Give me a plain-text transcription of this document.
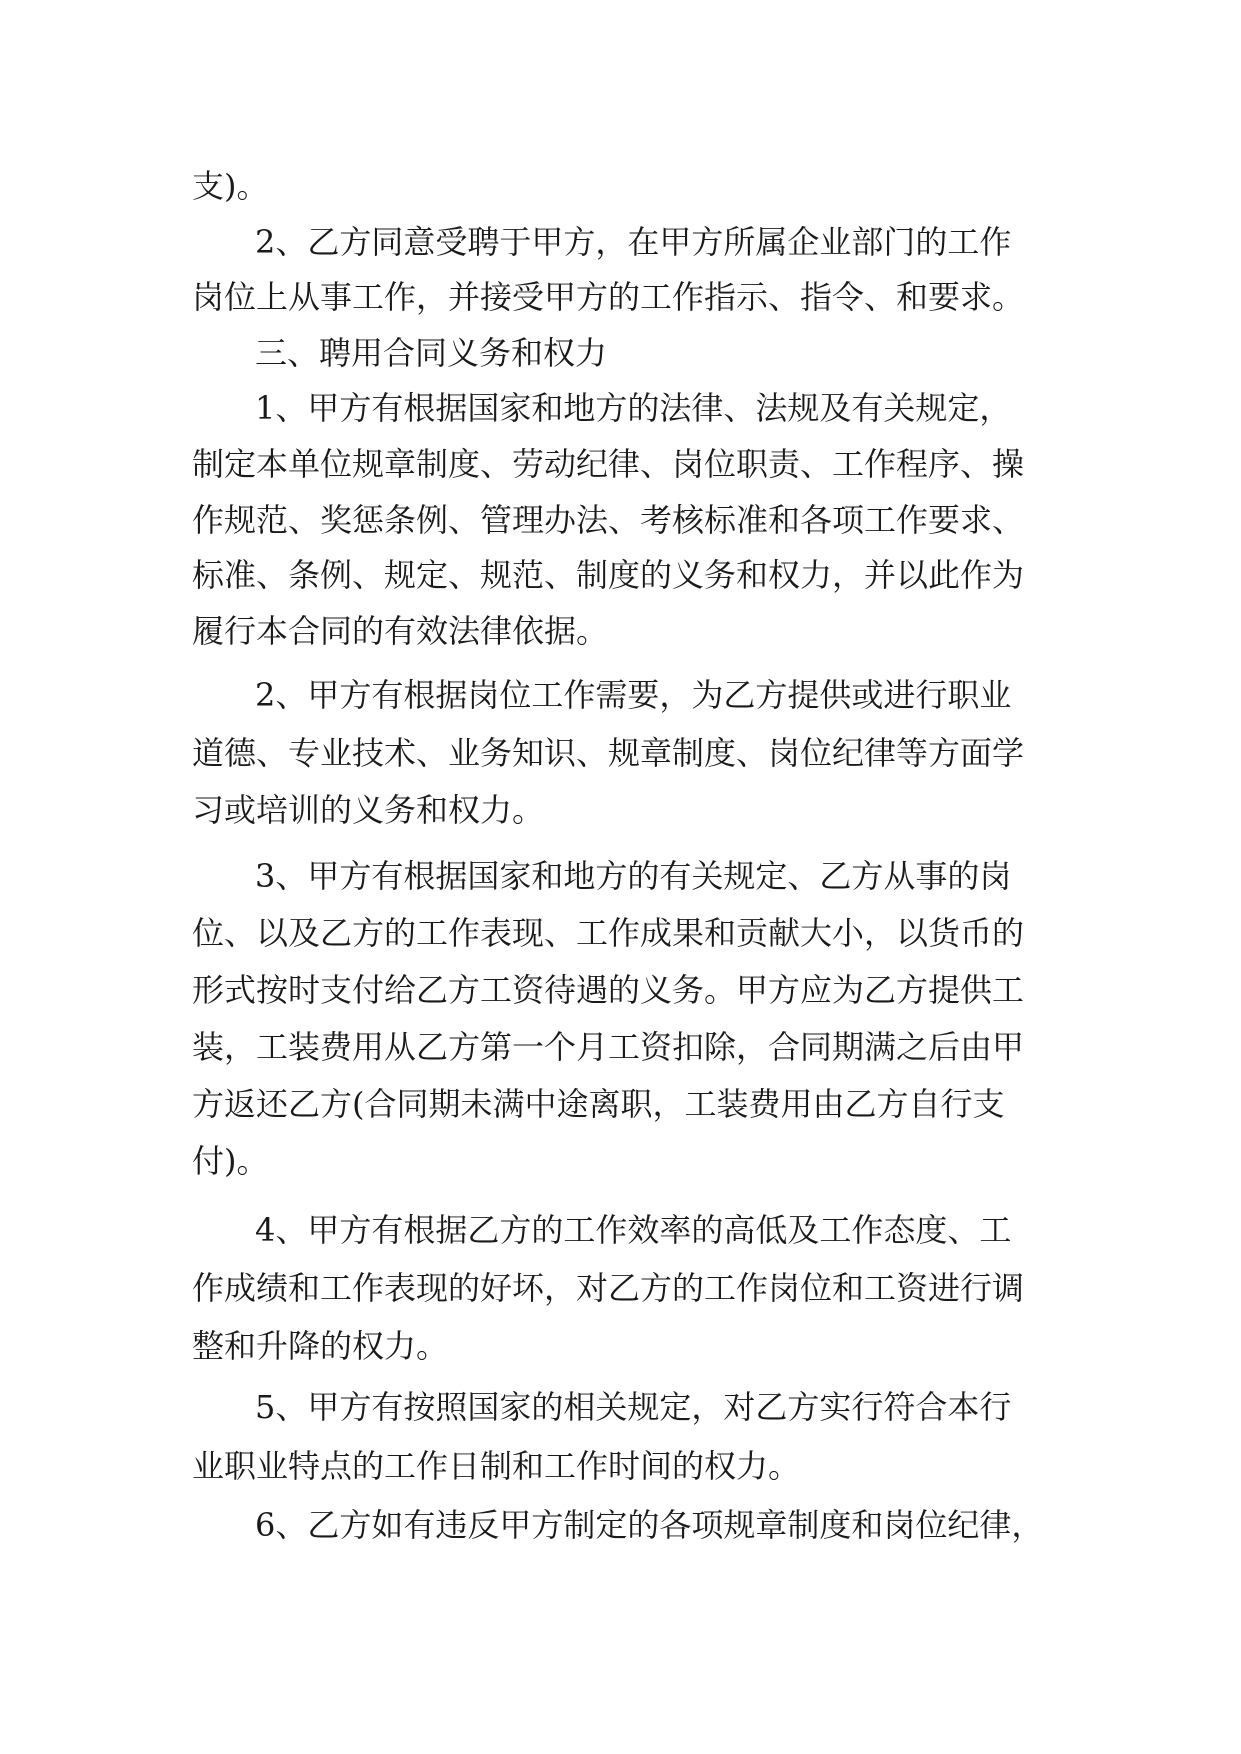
支)。
2、乙方同意受聘于甲方，在甲方所属企业部门的工作
岗位上从事工作，并接受甲方的工作指示、指令、和要求。
三、聘用合同义务和权力
1、甲方有根据国家和地方的法律、法规及有关规定，
制定本单位规章制度、劳动纪律、岗位职责、工作程序、操
作规范、奖惩条例、管理办法、考核标准和各项工作要求、
标准、条例、规定、规范、制度的义务和权力，并以此作为
履行本合同的有效法律依据。
2、甲方有根据岗位工作需要，为乙方提供或进行职业
道德、专业技术、业务知识、规章制度、岗位纪律等方面学
习或培训的义务和权力。
3、甲方有根据国家和地方的有关规定、乙方从事的岗
位、以及乙方的工作表现、工作成果和贡献大小，以货币的
形式按时支付给乙方工资待遇的义务。甲方应为乙方提供工
装，工装费用从乙方第一个月工资扣除，合同期满之后由甲
方返还乙方(合同期未满中途离职，工装费用由乙方自行支
付)。
4、甲方有根据乙方的工作效率的高低及工作态度、工
作成绩和工作表现的好坏，对乙方的工作岗位和工资进行调
整和升降的权力。
5、甲方有按照国家的相关规定，对乙方实行符合本行
业职业特点的工作日制和工作时间的权力。
6、乙方如有违反甲方制定的各项规章制度和岗位纪律，
